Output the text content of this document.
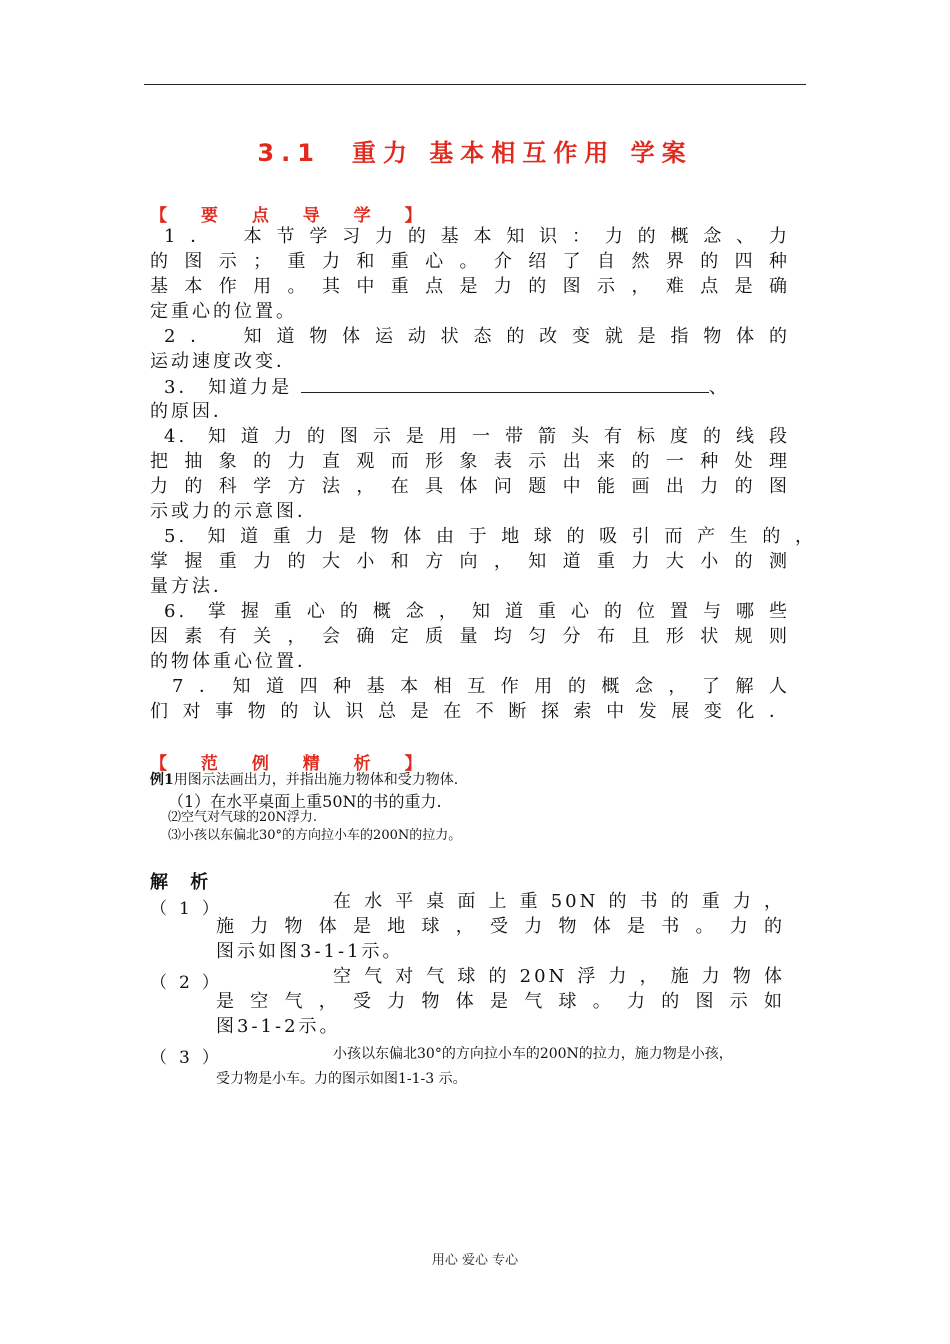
3.1　重力 基本相互作用 学案
【 要 点 导 学 】
1． 本节学习力的基本知识：力的概念、力
的图示；重力和重心。介绍了自然界的四种
基本作用。其中重点是力的图示，难点是确
定重心的位置。
2． 知道物体运动状态的改变就是指物体的
运动速度改变．
3． 知道力是	、
的原因．
4. 知道力的图示是用一带箭头有标度的线段
把抽象的力直观而形象表示出来的一种处理
力的科学方法，在具体问题中能画出力的图
示或力的示意图．
5. 知道重力是物体由于地球的吸引而产生的，
掌握重力的大小和方向，知道重力大小的测
量方法．
6. 掌握重心的概念，知道重心的位置与哪些
因素有关，会确定质量均匀分布且形状规则
的物体重心位置．
7．知道四种基本相互作用的概念，了解人
们对事物的认识总是在不断探索中发展变化．
【 范 例 精 析 】
例1用图示法画出力，并指出施力物体和受力物体.
（1）在水平桌面上重50N的书的重力.
⑵空气对气球的20N浮力.
⑶小孩以东偏北30°的方向拉小车的200N的拉力。
解 析
（1）	在水平桌面上重50N的书的重力，
施力物体是地球，受力物体是书。力的
图示如图3-1-1示。
（2）	空气对气球的20N浮力，施力物体
是空气，受力物体是气球。力的图示如
图3-1-2示。
（3）	小孩以东偏北30°的方向拉小车的200N的拉力，施力物是小孩，
受力物是小车。力的图示如图1-1-3 示。
用心 爱心 专心
